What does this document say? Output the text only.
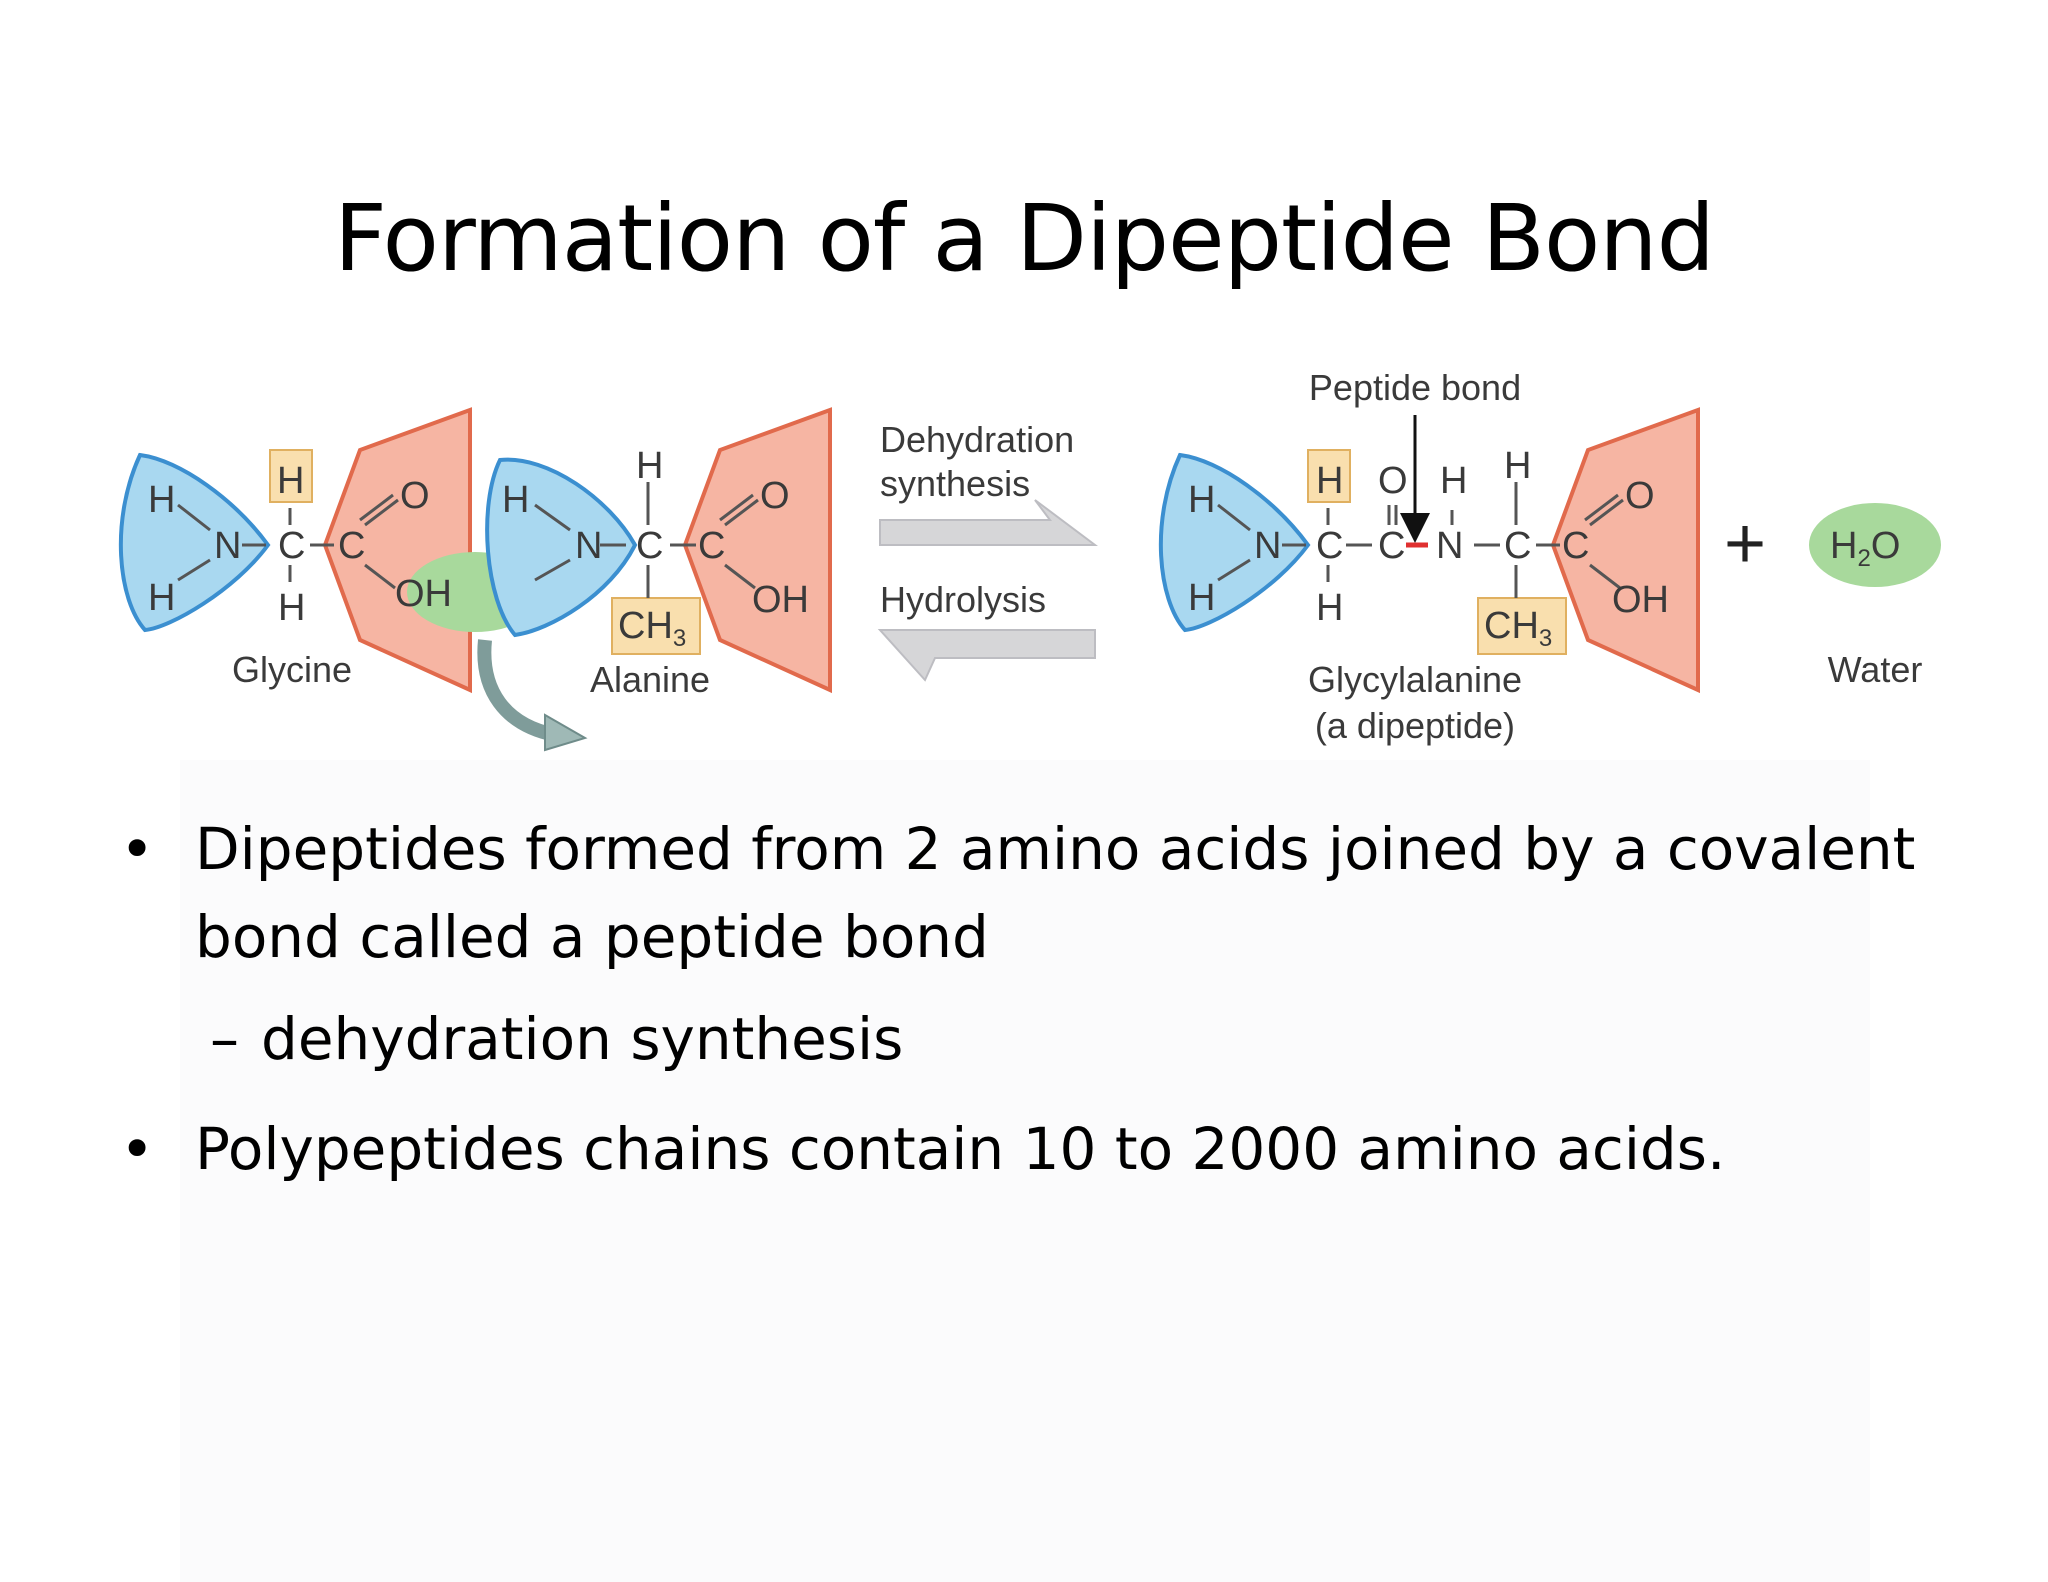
Formation of a Dipeptide Bond
H
H
N
H
C
H
C
O
OH
Glycine
H
N
H
C C
O
OH
$CH_3$
Alanine
Dehydration
synthesis
Hydrolysis
Peptide bond
H
H
N
H
C
H
O
C
H
N
H
C C
O
OH
$CH_3$
Glycylalanine
(a dipeptide)
+ $H_2O$
Water
• Dipeptides formed from 2 amino acids joined by a covalent
bond called a peptide bond
– dehydration synthesis
• Polypeptides chains contain 10 to 2000 amino acids.
